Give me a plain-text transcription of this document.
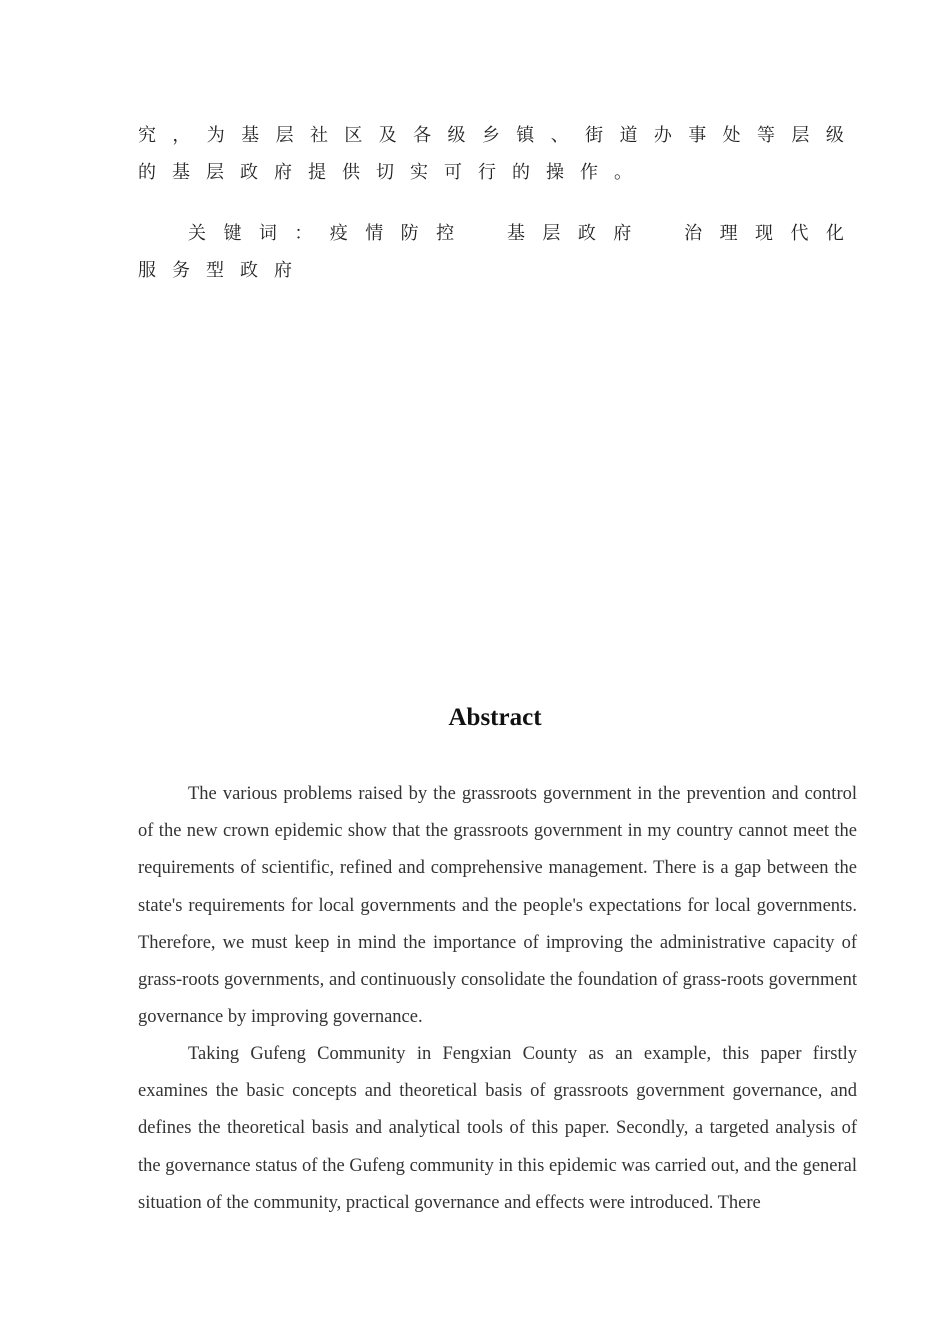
究 ， 为 基 层 社 区 及 各 级 乡 镇 、 街 道 办 事 处 等 层 级
的 基 层 政 府 提 供 切 实 可 行 的 操 作 。
关 键 词 ： 疫 情 防 控	基 层 政 府	治 理 现 代 化
服 务 型 政 府
Abstract

The various problems raised by the grassroots government in the prevention and control of the new crown epidemic show that the grassroots government in my country cannot meet the requirements of scientific, refined and comprehensive management. There is a gap between the state's requirements for local governments and the people's expectations for local governments. Therefore, we must keep in mind the importance of improving the administrative capacity of grass-roots governments, and continuously consolidate the foundation of grass-roots government governance by improving governance.

Taking Gufeng Community in Fengxian County as an example, this paper firstly examines the basic concepts and theoretical basis of grassroots government governance, and defines the theoretical basis and analytical tools of this paper. Secondly, a targeted analysis of the governance status of the Gufeng community in this epidemic was carried out, and the general situation of the community, practical governance and effects were introduced. There
